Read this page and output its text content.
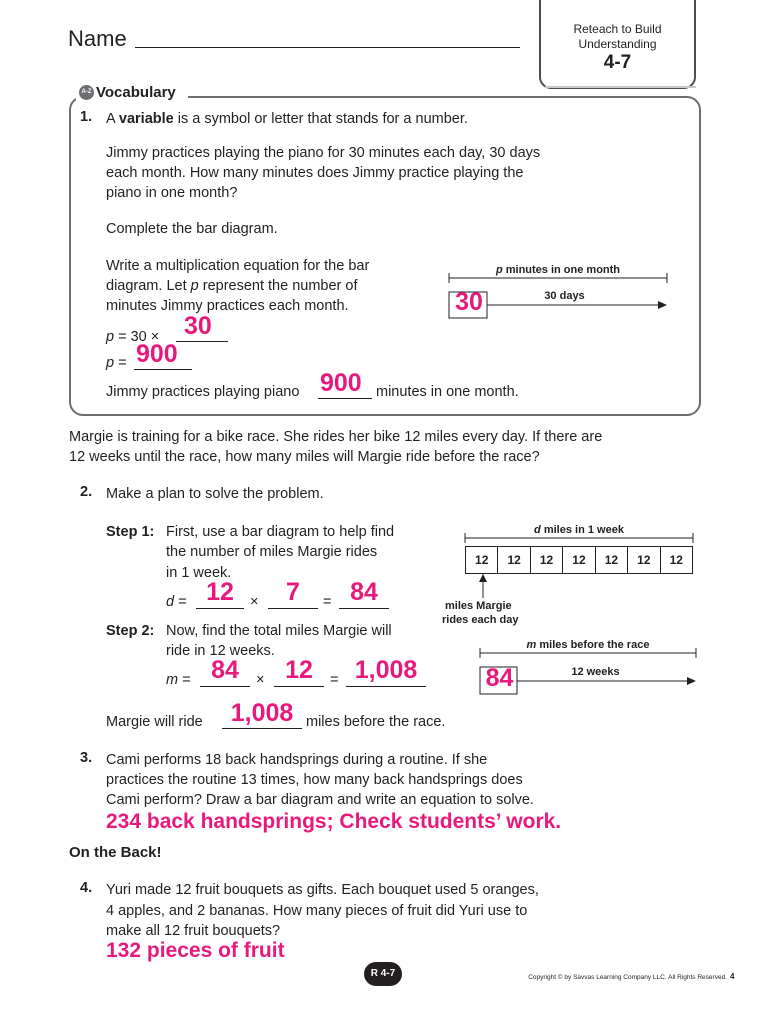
Name	Reteach to Build
Understanding
4-7
A-Z Vocabulary
1. A variable is a symbol or letter that stands for a number.
Jimmy practices playing the piano for 30 minutes each day, 30 days
each month. How many minutes does Jimmy practice playing the
piano in one month?
Complete the bar diagram.
Write a multiplication equation for the bar
diagram. Let p represent the number of
minutes Jimmy practices each month.
p = 30 × 30
p = 900
Jimmy practices playing piano 900 minutes in one month.
p minutes in one month
30 days
30
Margie is training for a bike race. She rides her bike 12 miles every day. If there are
12 weeks until the race, how many miles will Margie ride before the race?
2. Make a plan to solve the problem.
Step 1: First, use a bar diagram to help find
the number of miles Margie rides
in 1 week.
d = 12	×	7	= 84
Step 2: Now, find the total miles Margie will
ride in 12 weeks.
m = 84	× 12	= 1,008
Margie will ride	1,008 miles before the race.
d miles in 1 week
12	12	12	12	12	12	12
miles Margie
rides each day
m miles before the race
12 weeks
84
3. Cami performs 18 back handsprings during a routine. If she
practices the routine 13 times, how many back handsprings does
Cami perform? Draw a bar diagram and write an equation to solve.
234 back handsprings; Check students’ work.
On the Back!
4. Yuri made 12 fruit bouquets as gifts. Each bouquet used 5 oranges,
4 apples, and 2 bananas. How many pieces of fruit did Yuri use to
make all 12 fruit bouquets?
132 pieces of fruit
R 4-7	Copyright © by Savvas Learning Company LLC. All Rights Reserved. 4
